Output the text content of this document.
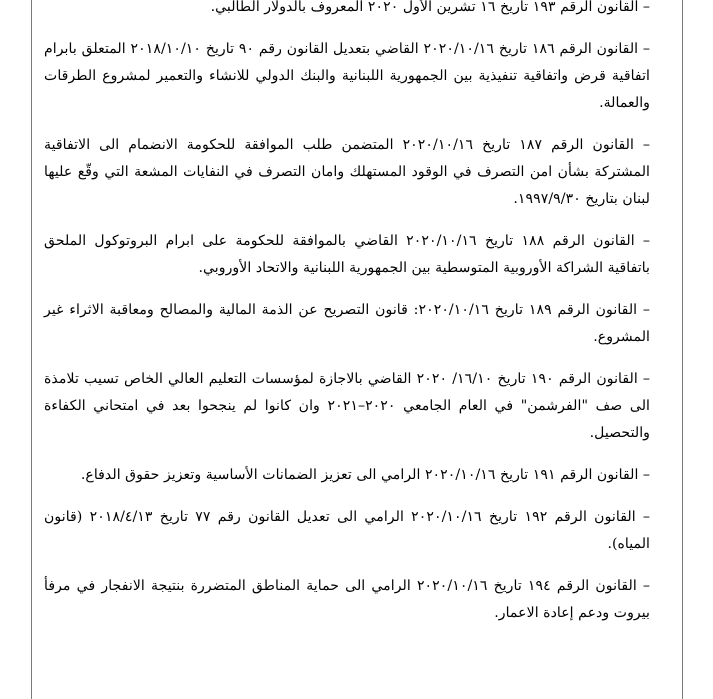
– القانون الرقم ١٩٣ تاريخ ١٦ تشرين الأول ٢٠٢٠ المعروف بالدولار الطالبي.

– القانون الرقم ١٨٦ تاريخ ٢٠٢٠/١٠/١٦ القاضي بتعديل القانون رقم ٩٠ تاريخ ٢٠١٨/١٠/١٠ المتعلق بابرام اتفاقية قرض واتفاقية تنفيذية بين الجمهورية اللبنانية والبنك الدولي للانشاء والتعمير لمشروع الطرقات والعمالة.

– القانون الرقم ١٨٧ تاريخ ٢٠٢٠/١٠/١٦ المتضمن طلب الموافقة للحكومة الانضمام الى الاتفاقية المشتركة بشأن امن التصرف في الوقود المستهلك وامان التصرف في النفايات المشعة التي وقّع عليها لبنان بتاريخ ١٩٩٧/٩/٣٠.

– القانون الرقم ١٨٨ تاريخ ٢٠٢٠/١٠/١٦ القاضي بالموافقة للحكومة على ابرام البروتوكول الملحق باتفاقية الشراكة الأوروبية المتوسطية بين الجمهورية اللبنانية والاتحاد الأوروبي.

– القانون الرقم ١٨٩ تاريخ ٢٠٢٠/١٠/١٦: قانون التصريح عن الذمة المالية والمصالح ومعاقبة الاثراء غير المشروع.

– القانون الرقم ١٩٠ تاريخ ١٦/١٠/ ٢٠٢٠ القاضي بالاجازة لمؤسسات التعليم العالي الخاص تسيب تلامذة الى صف "الفرشمن" في العام الجامعي ٢٠٢٠–٢٠٢١ وان كانوا لم ينجحوا بعد في امتحاني الكفاءة والتحصيل.

– القانون الرقم ١٩١ تاريخ ٢٠٢٠/١٠/١٦ الرامي الى تعزيز الضمانات الأساسية وتعزيز حقوق الدفاع.

– القانون الرقم ١٩٢ تاريخ ٢٠٢٠/١٠/١٦ الرامي الى تعديل القانون رقم ٧٧ تاريخ ٢٠١٨/٤/١٣ (قانون المياه).

– القانون الرقم ١٩٤ تاريخ ٢٠٢٠/١٠/١٦ الرامي الى حماية المناطق المتضررة بنتيجة الانفجار في مرفأ بيروت ودعم إعادة الاعمار.
